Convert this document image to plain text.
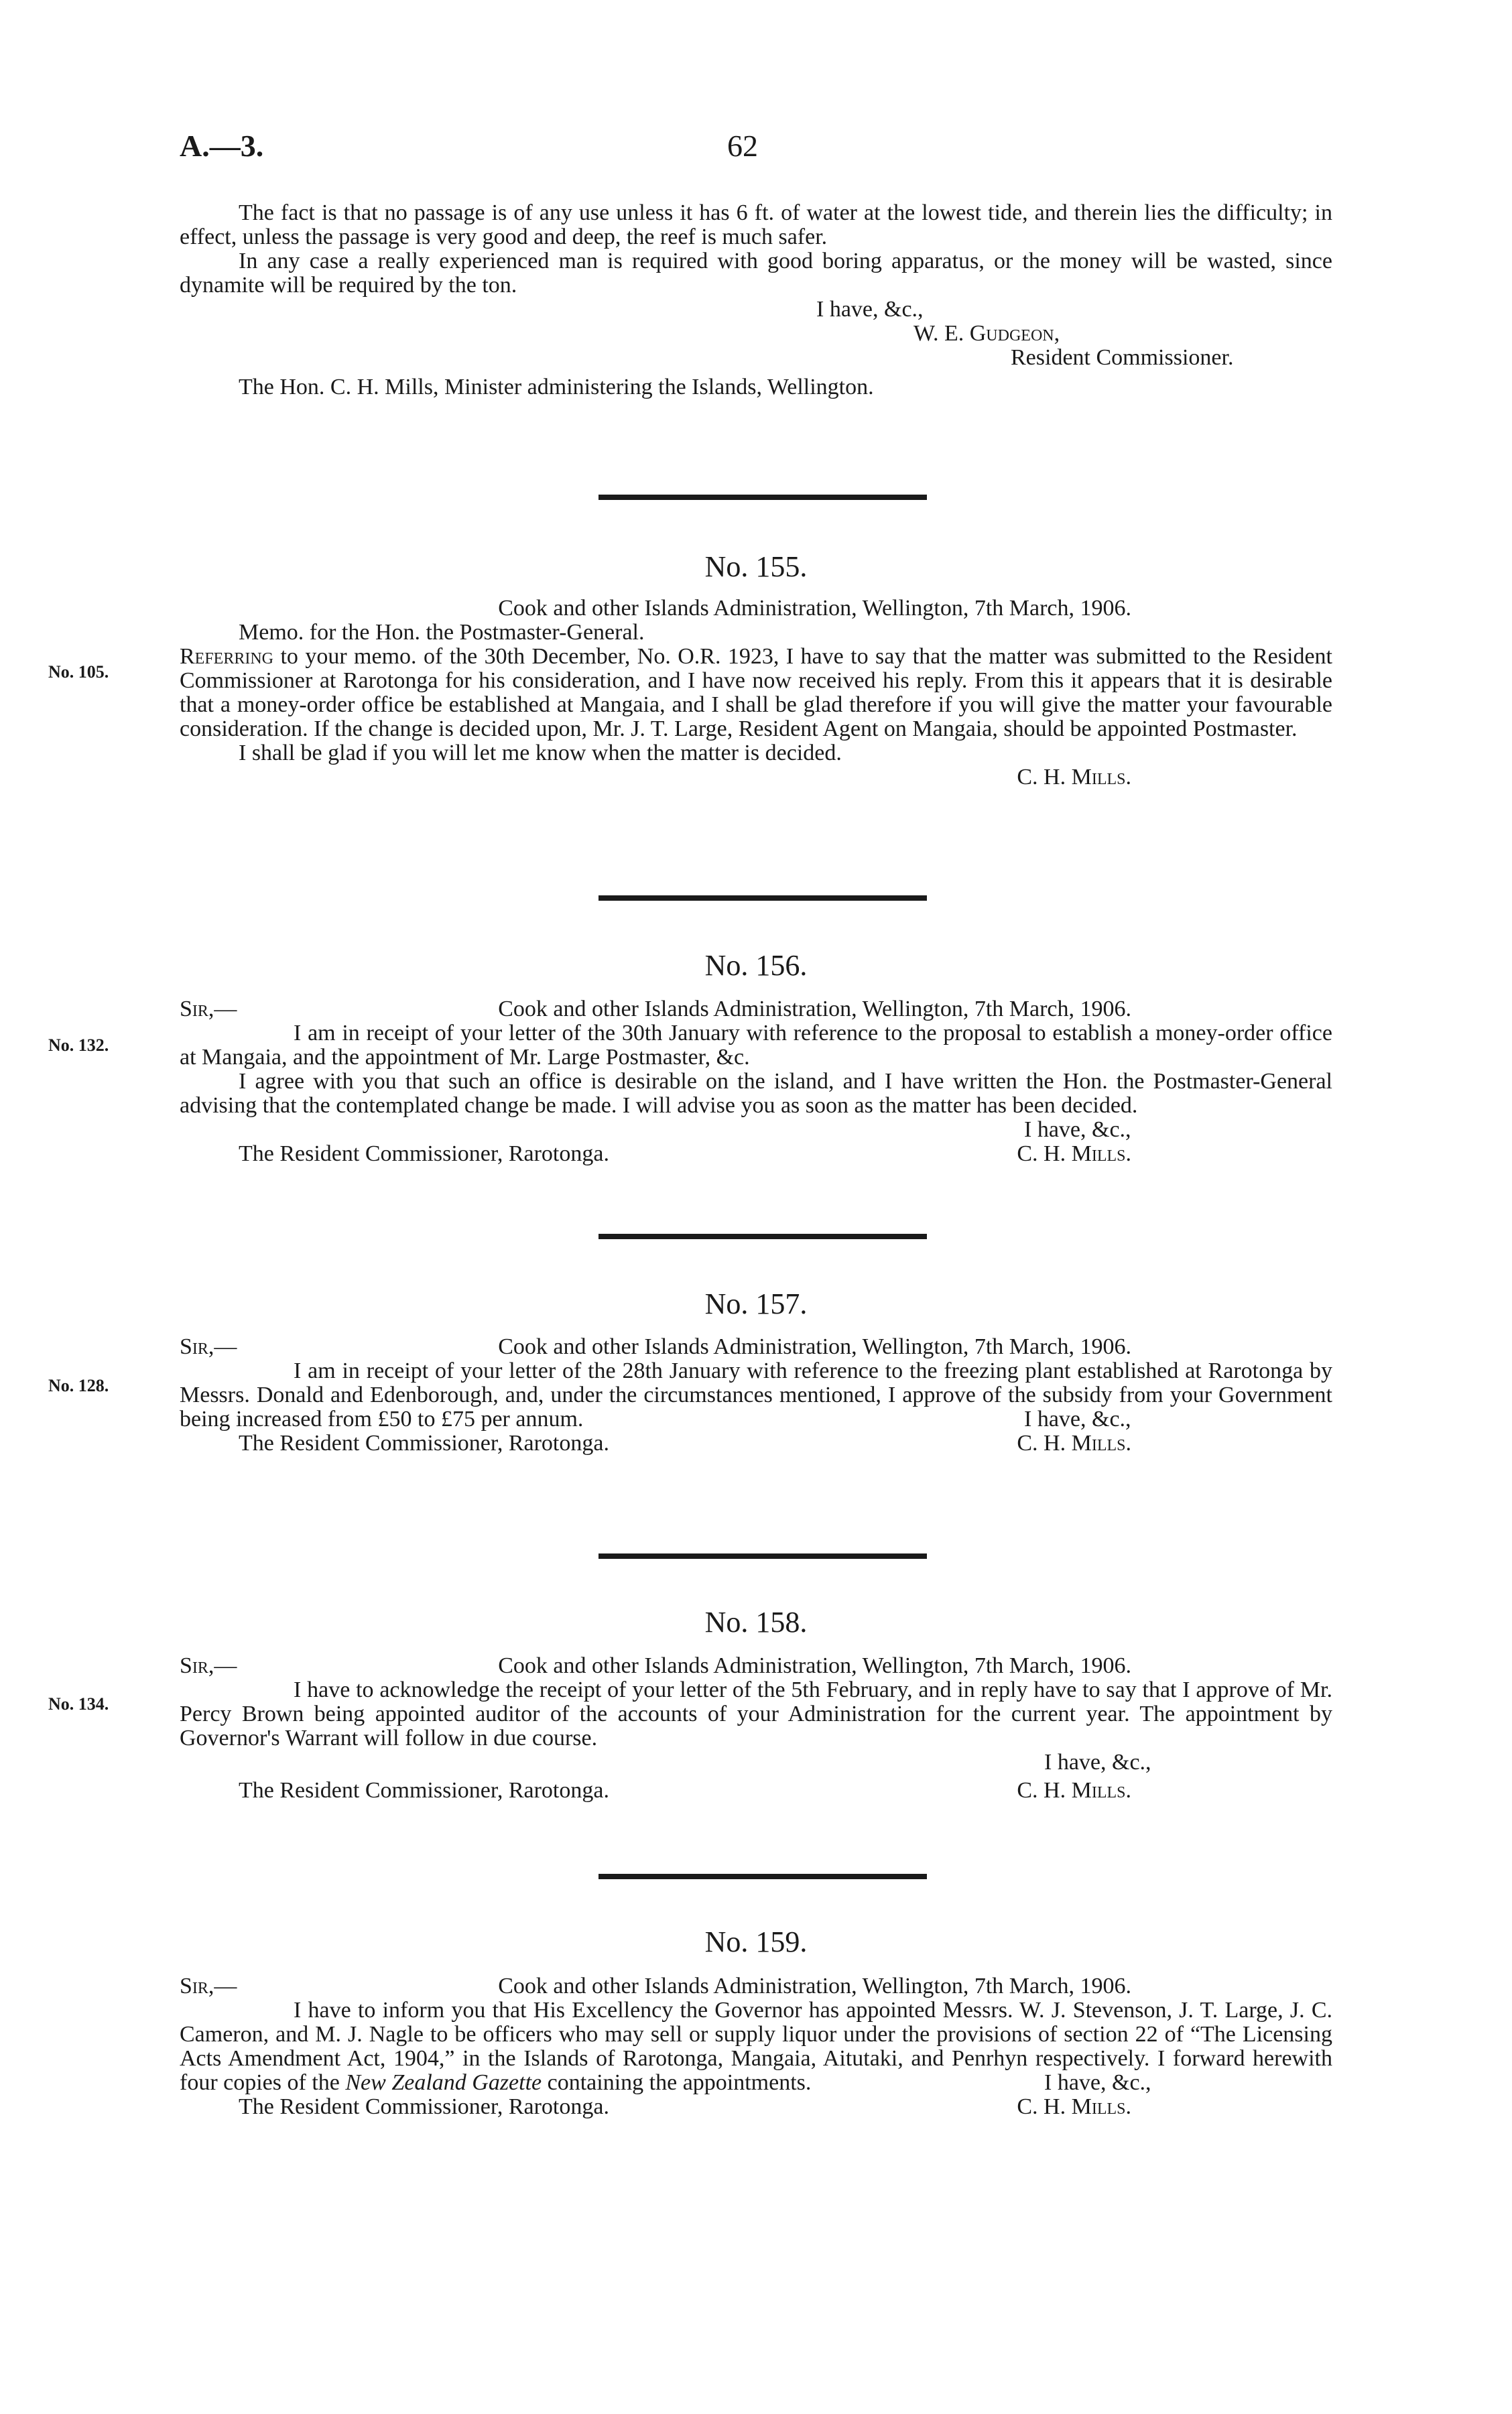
A.—3.	62

The fact is that no passage is of any use unless it has 6 ft. of water at the lowest tide, and therein lies the difficulty; in effect, unless the passage is very good and deep, the reef is much safer.

In any case a really experienced man is required with good boring apparatus, or the money will be wasted, since dynamite will be required by the ton.

I have, &c.,
W. E. Gudgeon,
Resident Commissioner.
The Hon. C. H. Mills, Minister administering the Islands, Wellington.
No. 155.
No. 105.
Cook and other Islands Administration, Wellington, 7th March, 1906.
Memo. for the Hon. the Postmaster-General.

Referring to your memo. of the 30th December, No. O.R. 1923, I have to say that the matter was submitted to the Resident Commissioner at Rarotonga for his consideration, and I have now received his reply. From this it appears that it is desirable that a money-order office be established at Mangaia, and I shall be glad therefore if you will give the matter your favourable consideration. If the change is decided upon, Mr. J. T. Large, Resident Agent on Mangaia, should be appointed Postmaster.

I shall be glad if you will let me know when the matter is decided.

C. H. Mills.
No. 156.
No. 132.
Sir,—	Cook and other Islands Administration, Wellington, 7th March, 1906.

I am in receipt of your letter of the 30th January with reference to the proposal to establish a money-order office at Mangaia, and the appointment of Mr. Large Postmaster, &c.

I agree with you that such an office is desirable on the island, and I have written the Hon. the Postmaster-General advising that the contemplated change be made. I will advise you as soon as the matter has been decided.

I have, &c.,
The Resident Commissioner, Rarotonga.	C. H. Mills.
No. 157.
No. 128.
Sir,—	Cook and other Islands Administration, Wellington, 7th March, 1906.

I am in receipt of your letter of the 28th January with reference to the freezing plant established at Rarotonga by Messrs. Donald and Edenborough, and, under the circumstances mentioned, I approve of the subsidy from your Government being increased from £50 to £75 per annum.	I have, &c.,
The Resident Commissioner, Rarotonga.	C. H. Mills.
No. 158.
No. 134.
Sir,—	Cook and other Islands Administration, Wellington, 7th March, 1906.

I have to acknowledge the receipt of your letter of the 5th February, and in reply have to say that I approve of Mr. Percy Brown being appointed auditor of the accounts of your Administration for the current year. The appointment by Governor's Warrant will follow in due course.

I have, &c.,
The Resident Commissioner, Rarotonga.	C. H. Mills.
No. 159.
Sir,—	Cook and other Islands Administration, Wellington, 7th March, 1906.

I have to inform you that His Excellency the Governor has appointed Messrs. W. J. Stevenson, J. T. Large, J. C. Cameron, and M. J. Nagle to be officers who may sell or supply liquor under the provisions of section 22 of “The Licensing Acts Amendment Act, 1904,” in the Islands of Rarotonga, Mangaia, Aitutaki, and Penrhyn respectively. I forward herewith four copies of the New Zealand Gazette containing the appointments.	I have, &c.,
The Resident Commissioner, Rarotonga.	C. H. Mills.
